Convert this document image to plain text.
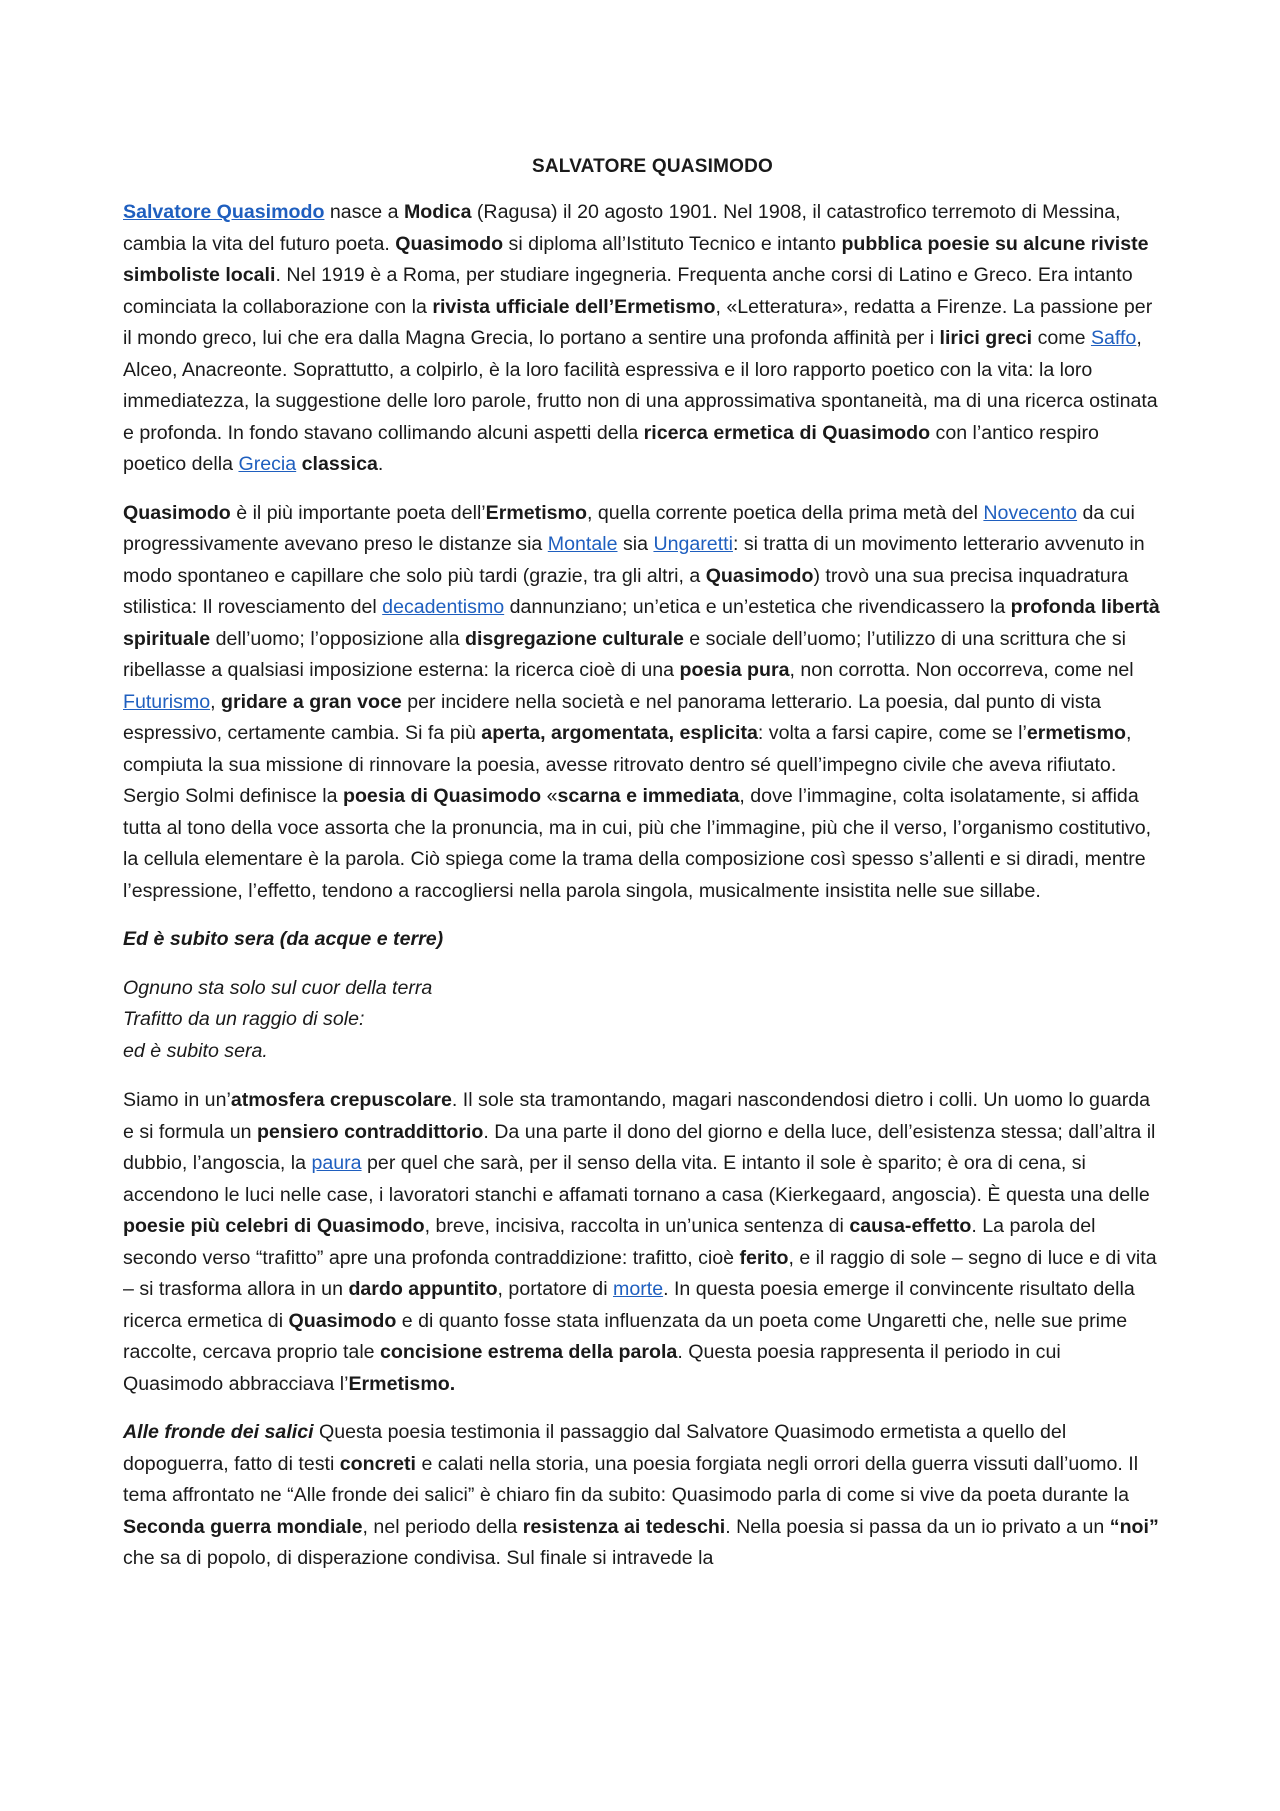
SALVATORE QUASIMODO

Salvatore Quasimodo nasce a Modica (Ragusa) il 20 agosto 1901. Nel 1908, il catastrofico terremoto di Messina, cambia la vita del futuro poeta. Quasimodo si diploma all’Istituto Tecnico e intanto pubblica poesie su alcune riviste simboliste locali. Nel 1919 è a Roma, per studiare ingegneria. Frequenta anche corsi di Latino e Greco. Era intanto cominciata la collaborazione con la rivista ufficiale dell’Ermetismo, «Letteratura», redatta a Firenze. La passione per il mondo greco, lui che era dalla Magna Grecia, lo portano a sentire una profonda affinità per i lirici greci come Saffo, Alceo, Anacreonte. Soprattutto, a colpirlo, è la loro facilità espressiva e il loro rapporto poetico con la vita: la loro immediatezza, la suggestione delle loro parole, frutto non di una approssimativa spontaneità, ma di una ricerca ostinata e profonda. In fondo stavano collimando alcuni aspetti della ricerca ermetica di Quasimodo con l’antico respiro poetico della Grecia classica.

Quasimodo è il più importante poeta dell’Ermetismo, quella corrente poetica della prima metà del Novecento da cui progressivamente avevano preso le distanze sia Montale sia Ungaretti: si tratta di un movimento letterario avvenuto in modo spontaneo e capillare che solo più tardi (grazie, tra gli altri, a Quasimodo) trovò una sua precisa inquadratura stilistica: Il rovesciamento del decadentismo dannunziano; un’etica e un’estetica che rivendicassero la profonda libertà spirituale dell’uomo; l’opposizione alla disgregazione culturale e sociale dell’uomo; l’utilizzo di una scrittura che si ribellasse a qualsiasi imposizione esterna: la ricerca cioè di una poesia pura, non corrotta. Non occorreva, come nel Futurismo, gridare a gran voce per incidere nella società e nel panorama letterario. La poesia, dal punto di vista espressivo, certamente cambia. Si fa più aperta, argomentata, esplicita: volta a farsi capire, come se l’ermetismo, compiuta la sua missione di rinnovare la poesia, avesse ritrovato dentro sé quell’impegno civile che aveva rifiutato. Sergio Solmi definisce la poesia di Quasimodo «scarna e immediata, dove l’immagine, colta isolatamente, si affida tutta al tono della voce assorta che la pronuncia, ma in cui, più che l’immagine, più che il verso, l’organismo costitutivo, la cellula elementare è la parola. Ciò spiega come la trama della composizione così spesso s’allenti e si diradi, mentre l’espressione, l’effetto, tendono a raccogliersi nella parola singola, musicalmente insistita nelle sue sillabe.

Ed è subito sera (da acque e terre)

Ognuno sta solo sul cuor della terra
Trafitto da un raggio di sole:
ed è subito sera.

Siamo in un’atmosfera crepuscolare. Il sole sta tramontando, magari nascondendosi dietro i colli. Un uomo lo guarda e si formula un pensiero contraddittorio. Da una parte il dono del giorno e della luce, dell’esistenza stessa; dall’altra il dubbio, l’angoscia, la paura per quel che sarà, per il senso della vita. E intanto il sole è sparito; è ora di cena, si accendono le luci nelle case, i lavoratori stanchi e affamati tornano a casa (Kierkegaard, angoscia). È questa una delle poesie più celebri di Quasimodo, breve, incisiva, raccolta in un’unica sentenza di causa-effetto. La parola del secondo verso “trafitto” apre una profonda contraddizione: trafitto, cioè ferito, e il raggio di sole – segno di luce e di vita – si trasforma allora in un dardo appuntito, portatore di morte. In questa poesia emerge il convincente risultato della ricerca ermetica di Quasimodo e di quanto fosse stata influenzata da un poeta come Ungaretti che, nelle sue prime raccolte, cercava proprio tale concisione estrema della parola. Questa poesia rappresenta il periodo in cui Quasimodo abbracciava l’Ermetismo.

Alle fronde dei salici Questa poesia testimonia il passaggio dal Salvatore Quasimodo ermetista a quello del dopoguerra, fatto di testi concreti e calati nella storia, una poesia forgiata negli orrori della guerra vissuti dall’uomo. Il tema affrontato ne “Alle fronde dei salici” è chiaro fin da subito: Quasimodo parla di come si vive da poeta durante la Seconda guerra mondiale, nel periodo della resistenza ai tedeschi. Nella poesia si passa da un io privato a un “noi” che sa di popolo, di disperazione condivisa. Sul finale si intravede la
